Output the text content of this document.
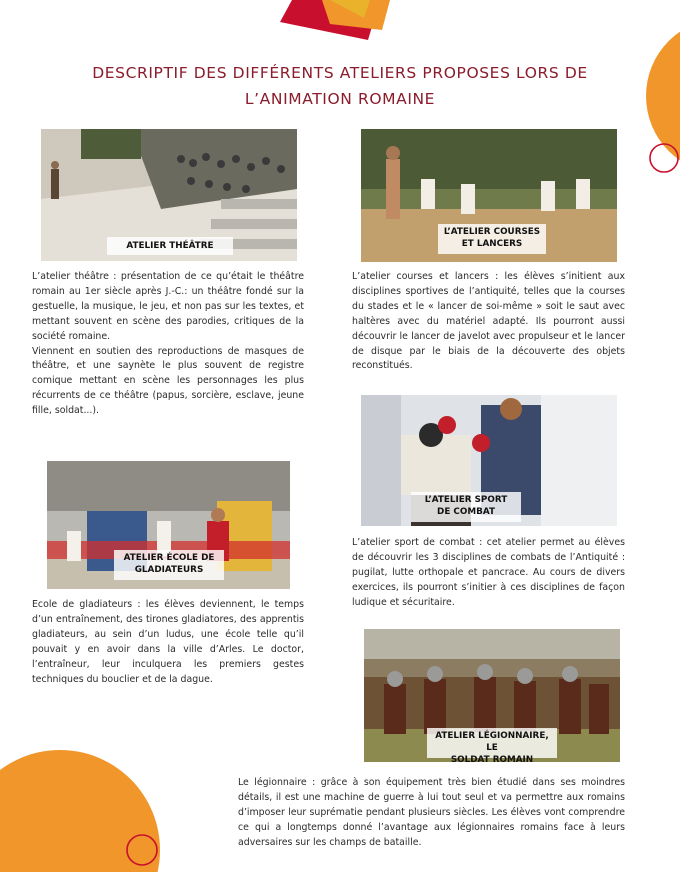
DESCRIPTIF DES DIFFÉRENTS ATELIERS PROPOSES LORS DE
L’ANIMATION ROMAINE
ATELIER THÉÂTRE
L’ATELIER COURSES
ET LANCERS

L’atelier théâtre : présentation de ce qu’était le théâtre romain au 1er siècle après J.-C.: un théâtre fondé sur la gestuelle, la musique, le jeu, et non pas sur les textes, et mettant souvent en scène des parodies, critiques de la société romaine.

Viennent en soutien des reproductions de masques de théâtre, et une saynète le plus souvent de registre comique mettant en scène les personnages les plus récurrents de ce théâtre (papus, sorcière, esclave, jeune fille, soldat...).

L’atelier courses et lancers : les élèves s’initient aux disciplines sportives de l’antiquité, telles que la courses du stades et le « lancer de soi-même » soit le saut avec haltères avec du matériel adapté. Ils pourront aussi découvrir le lancer de javelot avec propulseur et le lancer de disque par le biais de la découverte des objets reconstitués.

L’ATELIER SPORT
DE COMBAT
ATELIER ÉCOLE DE
GLADIATEURS

L’atelier sport de combat : cet atelier permet au élèves de découvrir les 3 disciplines de combats de l’Antiquité : pugilat, lutte orthopale et pancrace. Au cours de divers exercices, ils pourront s’initier à ces disciplines de façon ludique et sécuritaire.

Ecole de gladiateurs : les élèves deviennent, le temps d’un entraînement, des tirones gladiatores, des apprentis gladiateurs, au sein d’un ludus, une école telle qu’il pouvait y en avoir dans la ville d’Arles. Le doctor, l’entraîneur, leur inculquera les premiers gestes techniques du bouclier et de la dague.

ATELIER LÉGIONNAIRE, LE
SOLDAT ROMAIN

Le légionnaire : grâce à son équipement très bien étudié dans ses moindres détails, il est une machine de guerre à lui tout seul et va permettre aux romains d’imposer leur suprématie pendant plusieurs siècles. Les élèves vont comprendre ce qui a longtemps donné l’avantage aux légionnaires romains face à leurs adversaires sur les champs de bataille.
